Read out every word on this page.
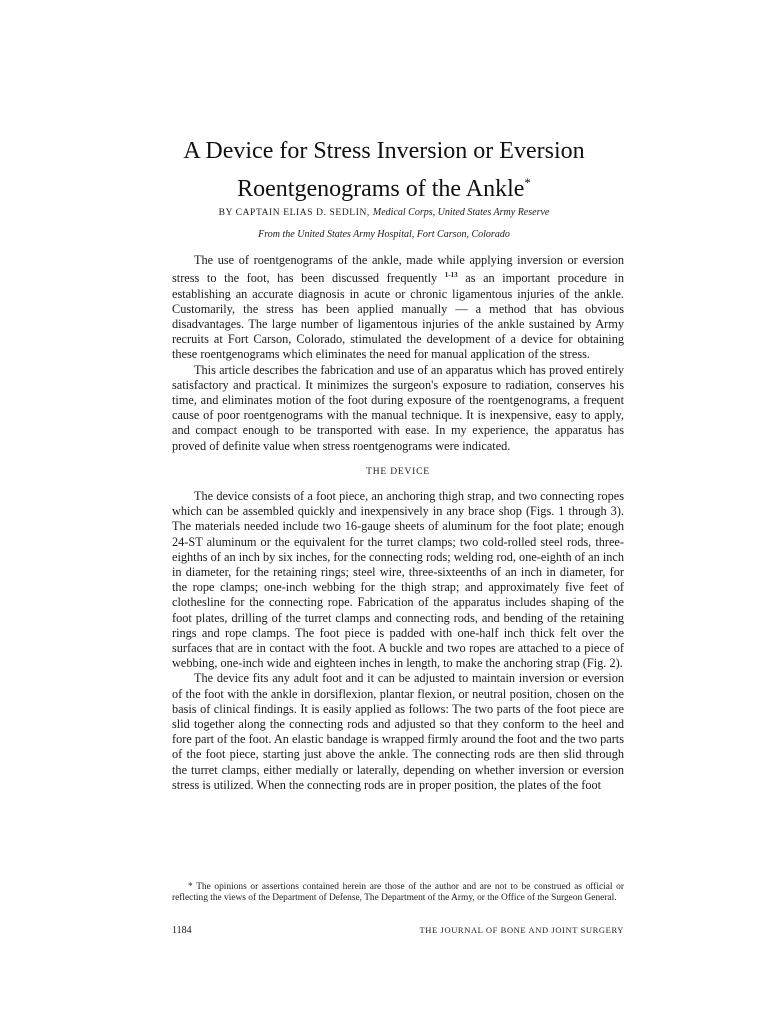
A Device for Stress Inversion or Eversion
Roentgenograms of the Ankle*
BY CAPTAIN ELIAS D. SEDLIN, Medical Corps, United States Army Reserve
From the United States Army Hospital, Fort Carson, Colorado

The use of roentgenograms of the ankle, made while applying inversion or eversion stress to the foot, has been discussed frequently $^{1-13}$ as an important procedure in establishing an accurate diagnosis in acute or chronic ligamentous injuries of the ankle. Customarily, the stress has been applied manually — a method that has obvious disadvantages. The large number of ligamentous injuries of the ankle sustained by Army recruits at Fort Carson, Colorado, stimulated the development of a device for obtaining these roentgenograms which eliminates the need for manual application of the stress.

This article describes the fabrication and use of an apparatus which has proved entirely satisfactory and practical. It minimizes the surgeon's exposure to radiation, conserves his time, and eliminates motion of the foot during exposure of the roentgenograms, a frequent cause of poor roentgenograms with the manual technique. It is inexpensive, easy to apply, and compact enough to be transported with ease. In my experience, the apparatus has proved of definite value when stress roentgenograms were indicated.

THE DEVICE

The device consists of a foot piece, an anchoring thigh strap, and two connecting ropes which can be assembled quickly and inexpensively in any brace shop (Figs. 1 through 3). The materials needed include two 16-gauge sheets of aluminum for the foot plate; enough 24-ST aluminum or the equivalent for the turret clamps; two cold-rolled steel rods, three-eighths of an inch by six inches, for the connecting rods; welding rod, one-eighth of an inch in diameter, for the retaining rings; steel wire, three-sixteenths of an inch in diameter, for the rope clamps; one-inch webbing for the thigh strap; and approximately five feet of clothesline for the connecting rope. Fabrication of the apparatus includes shaping of the foot plates, drilling of the turret clamps and connecting rods, and bending of the retaining rings and rope clamps. The foot piece is padded with one-half inch thick felt over the surfaces that are in contact with the foot. A buckle and two ropes are attached to a piece of webbing, one-inch wide and eighteen inches in length, to make the anchoring strap (Fig. 2).

The device fits any adult foot and it can be adjusted to maintain inversion or eversion of the foot with the ankle in dorsiflexion, plantar flexion, or neutral position, chosen on the basis of clinical findings. It is easily applied as follows: The two parts of the foot piece are slid together along the connecting rods and adjusted so that they conform to the heel and fore part of the foot. An elastic bandage is wrapped firmly around the foot and the two parts of the foot piece, starting just above the ankle. The connecting rods are then slid through the turret clamps, either medially or laterally, depending on whether inversion or eversion stress is utilized. When the connecting rods are in proper position, the plates of the foot

* The opinions or assertions contained herein are those of the author and are not to be construed as official or reflecting the views of the Department of Defense, The Department of the Army, or the Office of the Surgeon General.
1184	THE JOURNAL OF BONE AND JOINT SURGERY
